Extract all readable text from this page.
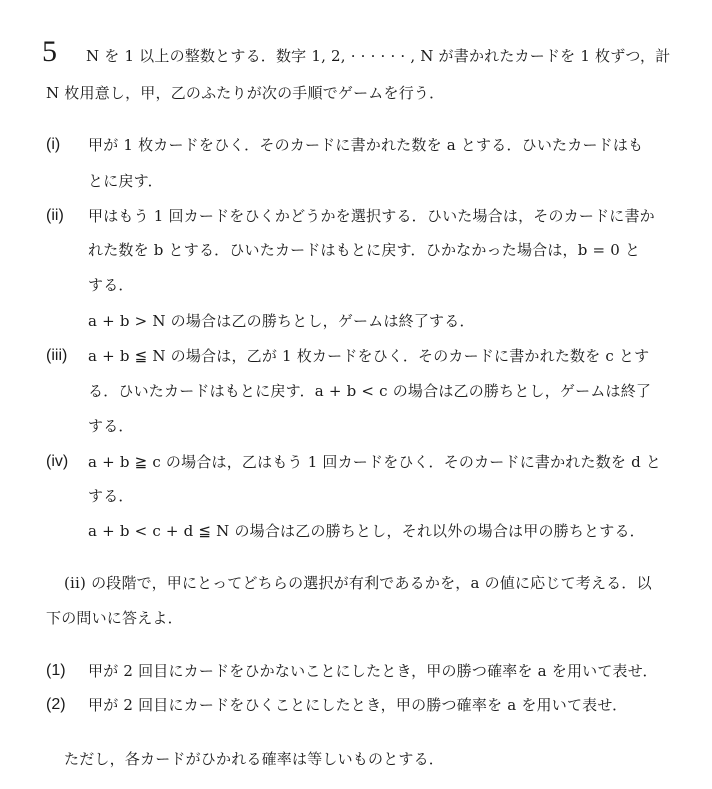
5 N を 1 以上の整数とする．数字 1, 2, · · · · · · , N が書かれたカードを 1 枚ずつ，計
N 枚用意し，甲，乙のふたりが次の手順でゲームを行う．
(i) 甲が 1 枚カードをひく．そのカードに書かれた数を a とする．ひいたカードはも
とに戻す．
(ii) 甲はもう 1 回カードをひくかどうかを選択する．ひいた場合は，そのカードに書か
れた数を b とする．ひいたカードはもとに戻す．ひかなかった場合は，b = 0 と
する．
a + b > N の場合は乙の勝ちとし，ゲームは終了する．
(iii) a + b ≦ N の場合は，乙が 1 枚カードをひく．そのカードに書かれた数を c とす
る．ひいたカードはもとに戻す．a + b < c の場合は乙の勝ちとし，ゲームは終了
する．
(iv) a + b ≧ c の場合は，乙はもう 1 回カードをひく．そのカードに書かれた数を d と
する．
a + b < c + d ≦ N の場合は乙の勝ちとし，それ以外の場合は甲の勝ちとする．
(ii) の段階で，甲にとってどちらの選択が有利であるかを，a の値に応じて考える．以
下の問いに答えよ．
(1) 甲が 2 回目にカードをひかないことにしたとき，甲の勝つ確率を a を用いて表せ．
(2) 甲が 2 回目にカードをひくことにしたとき，甲の勝つ確率を a を用いて表せ．
ただし，各カードがひかれる確率は等しいものとする．
